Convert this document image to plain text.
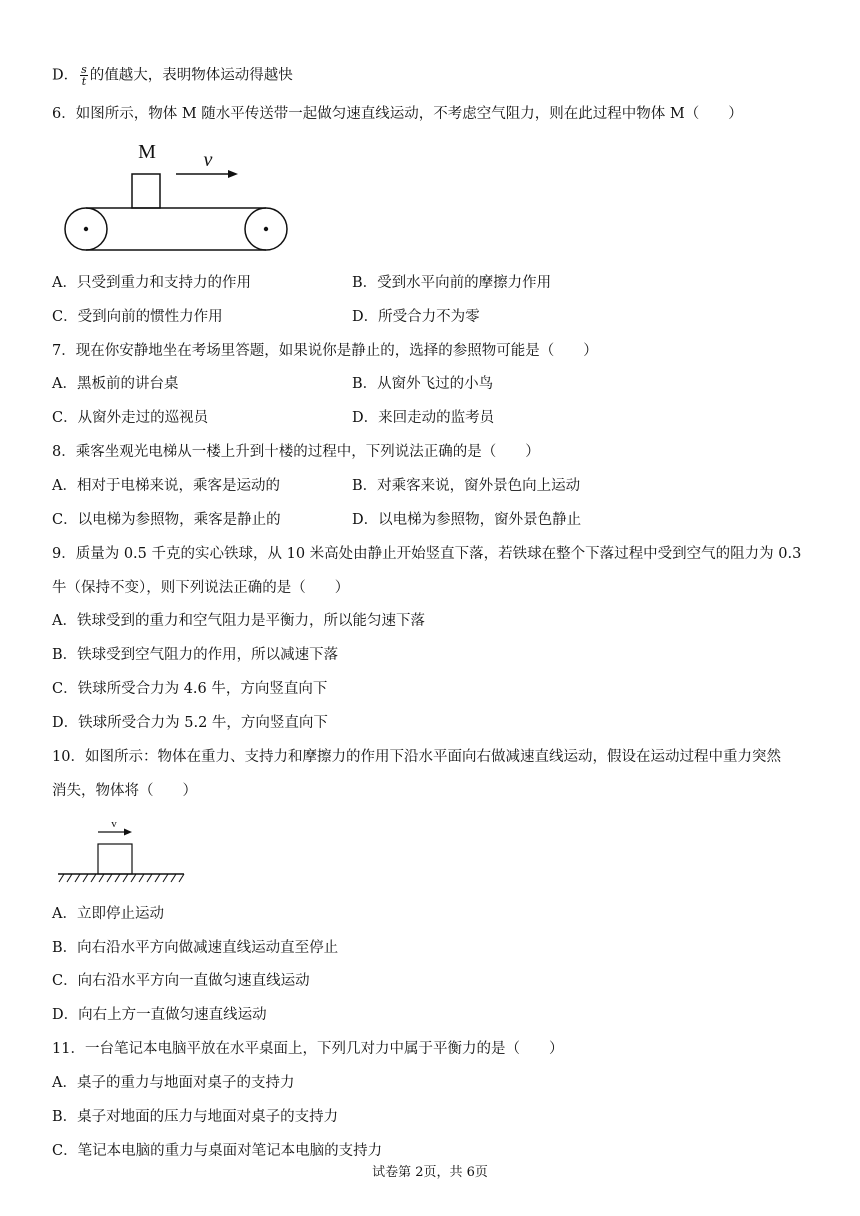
D． $\frac{s}{t}$ 的值越大，表明物体运动得越快
6．如图所示，物体 M 随水平传送带一起做匀速直线运动，不考虑空气阻力，则在此过程中物体 M（　　）
M v
A．只受到重力和支持力的作用	B．受到水平向前的摩擦力作用
C．受到向前的惯性力作用	D．所受合力不为零
7．现在你安静地坐在考场里答题，如果说你是静止的，选择的参照物可能是（　　）
A．黑板前的讲台桌	B．从窗外飞过的小鸟
C．从窗外走过的巡视员	D．来回走动的监考员
8．乘客坐观光电梯从一楼上升到十楼的过程中，下列说法正确的是（　　）
A．相对于电梯来说，乘客是运动的	B．对乘客来说，窗外景色向上运动
C．以电梯为参照物，乘客是静止的	D．以电梯为参照物，窗外景色静止
9．质量为 0.5 千克的实心铁球，从 10 米高处由静止开始竖直下落，若铁球在整个下落过程中受到空气的阻力为 0.3
牛（保持不变），则下列说法正确的是（　　）
A．铁球受到的重力和空气阻力是平衡力，所以能匀速下落
B．铁球受到空气阻力的作用，所以减速下落
C．铁球所受合力为 4.6 牛，方向竖直向下
D．铁球所受合力为 5.2 牛，方向竖直向下
10．如图所示：物体在重力、支持力和摩擦力的作用下沿水平面向右做减速直线运动，假设在运动过程中重力突然
消失，物体将（　　）
v
A．立即停止运动
B．向右沿水平方向做减速直线运动直至停止
C．向右沿水平方向一直做匀速直线运动
D．向右上方一直做匀速直线运动
11．一台笔记本电脑平放在水平桌面上，下列几对力中属于平衡力的是（　　）
A．桌子的重力与地面对桌子的支持力
B．桌子对地面的压力与地面对桌子的支持力
C．笔记本电脑的重力与桌面对笔记本电脑的支持力
试卷第 2页，共 6页
